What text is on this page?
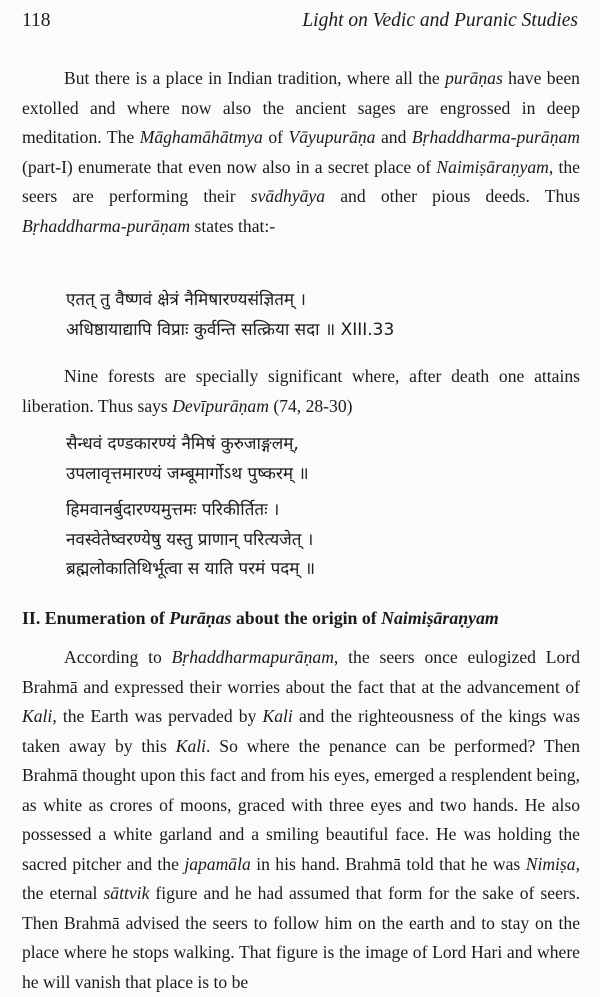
118	Light on Vedic and Puranic Studies

But there is a place in Indian tradition, where all the purāṇas have been extolled and where now also the ancient sages are engrossed in deep meditation. The Māghamāhātmya of Vāyupurāṇa and Bṛhaddharma-purāṇam (part-I) enumerate that even now also in a secret place of Naimiṣāraṇyam, the seers are performing their svādhyāya and other pious deeds. Thus Bṛhaddharma-purāṇam states that:-

एतत् तु वैष्णवं क्षेत्रं नैमिषारण्यसंज्ञितम् ।
अधिष्ठायाद्यापि विप्राः कुर्वन्ति सत्क्रिया सदा ॥ XIII.33

Nine forests are specially significant where, after death one attains liberation. Thus says Devīpurāṇam (74, 28-30)

सैन्धवं दण्डकारण्यं नैमिषं कुरुजाङ्गलम्,
उपलावृत्तमारण्यं जम्बूमार्गोऽथ पुष्करम् ॥
हिमवानर्बुदारण्यमुत्तमः परिकीर्तितः ।
नवस्वेतेष्वरण्येषु यस्तु प्राणान् परित्यजेत् ।
ब्रह्मलोकातिथिर्भूत्वा स याति परमं पदम् ॥
II. Enumeration of Purāṇas about the origin of Naimiṣāraṇyam

According to Bṛhaddharmapurāṇam, the seers once eulogized Lord Brahmā and expressed their worries about the fact that at the advancement of Kali, the Earth was pervaded by Kali and the righteousness of the kings was taken away by this Kali. So where the penance can be performed? Then Brahmā thought upon this fact and from his eyes, emerged a resplendent being, as white as crores of moons, graced with three eyes and two hands. He also possessed a white garland and a smiling beautiful face. He was holding the sacred pitcher and the japamāla in his hand. Brahmā told that he was Nimiṣa, the eternal sāttvik figure and he had assumed that form for the sake of seers. Then Brahmā advised the seers to follow him on the earth and to stay on the place where he stops walking. That figure is the image of Lord Hari and where he will vanish that place is to be
